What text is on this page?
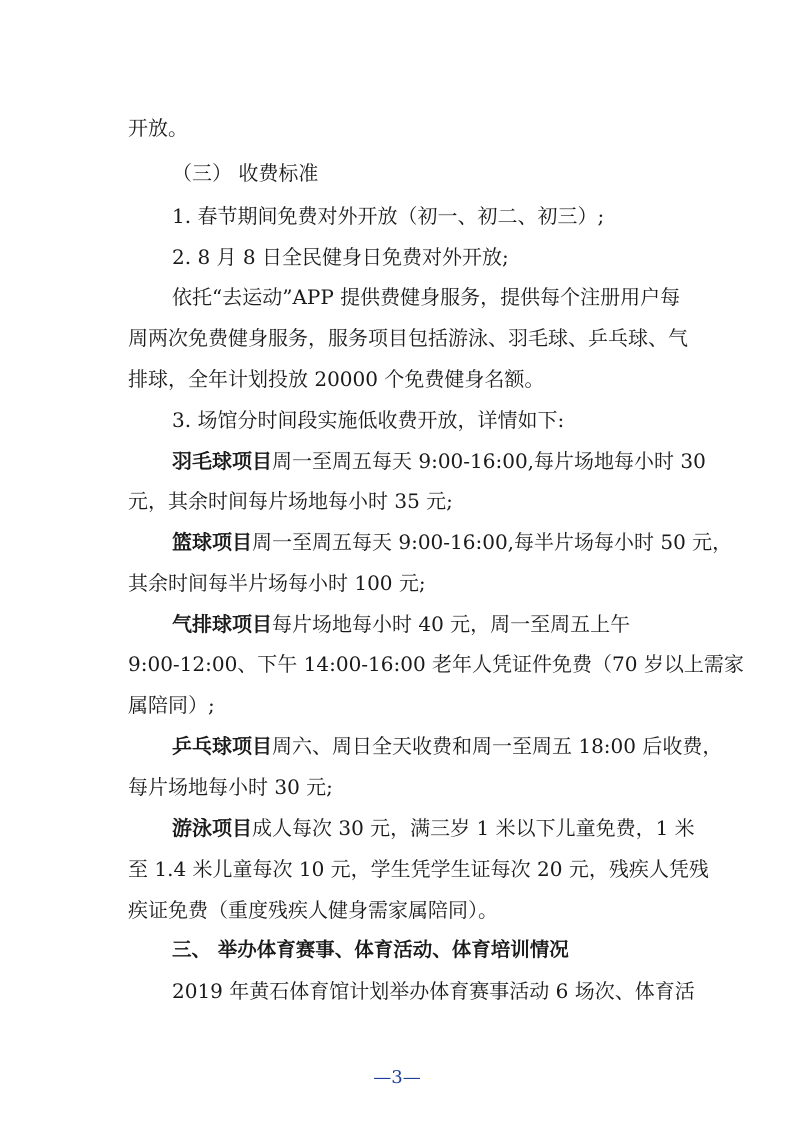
开放。
（三） 收费标准
1. 春节期间免费对外开放（初一、初二、初三）;
2. 8 月 8 日全民健身日免费对外开放;
依托“去运动”APP 提供费健身服务，提供每个注册用户每
周两次免费健身服务，服务项目包括游泳、羽毛球、乒乓球、气
排球，全年计划投放 20000 个免费健身名额。
3. 场馆分时间段实施低收费开放，详情如下:
羽毛球项目周一至周五每天 9:00-16:00,每片场地每小时 30
元，其余时间每片场地每小时 35 元;
篮球项目周一至周五每天 9:00-16:00,每半片场每小时 50 元，
其余时间每半片场每小时 100 元;
气排球项目每片场地每小时 40 元，周一至周五上午
9:00-12:00、下午 14:00-16:00 老年人凭证件免费（70 岁以上需家
属陪同）;
乒乓球项目周六、周日全天收费和周一至周五 18:00 后收费，
每片场地每小时 30 元;
游泳项目成人每次 30 元，满三岁 1 米以下儿童免费，1 米
至 1.4 米儿童每次 10 元，学生凭学生证每次 20 元，残疾人凭残
疾证免费（重度残疾人健身需家属陪同）。
三、 举办体育赛事、体育活动、体育培训情况
2019 年黄石体育馆计划举办体育赛事活动 6 场次、体育活
—3—
